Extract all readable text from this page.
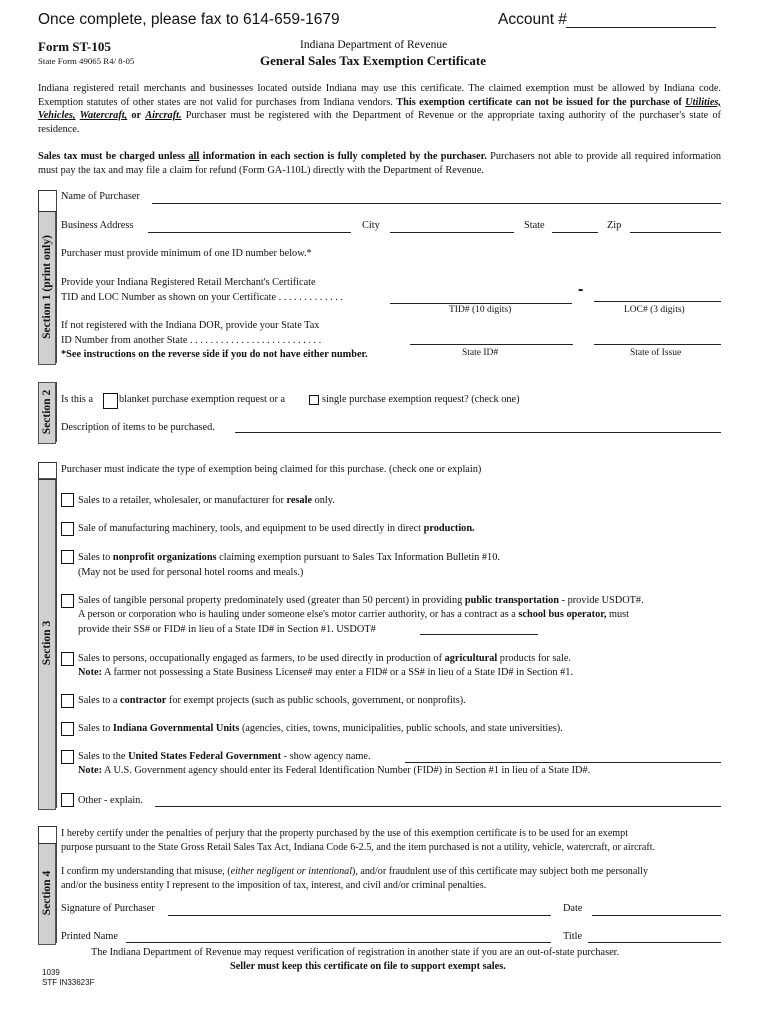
Once complete, please fax to 614-659-1679	Account #
Form ST-105
State Form 49065 R4/ 8-05
Indiana Department of Revenue
General Sales Tax Exemption Certificate
Indiana registered retail merchants and businesses located outside Indiana may use this certificate. The claimed exemption must be allowed by Indiana code. Exemption statutes of other states are not valid for purchases from Indiana vendors. This exemption certificate can not be issued for the purchase of Utilities, Vehicles, Watercraft, or Aircraft. Purchaser must be registered with the Department of Revenue or the appropriate taxing authority of the purchaser's state of residence.
Sales tax must be charged unless all information in each section is fully completed by the purchaser. Purchasers not able to provide all required information must pay the tax and may file a claim for refund (Form GA-110L) directly with the Department of Revenue.
Section 1 (print only)
Name of Purchaser
Business Address	City	State	Zip
Purchaser must provide minimum of one ID number below.*
Provide your Indiana Registered Retail Merchant's Certificate
TID and LOC Number as shown on your Certificate . . . . . . . . . . . . .	-
TID# (10 digits)	LOC# (3 digits)
If not registered with the Indiana DOR, provide your State Tax
ID Number from another State . . . . . . . . . . . . . . . . . . . . . . . . . .
*See instructions on the reverse side if you do not have either number.	State ID#	State of Issue
Section 2 Is this a	blanket purchase exemption request or a	single purchase exemption request? (check one)
Description of items to be purchased.
Section 3
Purchaser must indicate the type of exemption being claimed for this purchase. (check one or explain)
Sales to a retailer, wholesaler, or manufacturer for resale only.
Sale of manufacturing machinery, tools, and equipment to be used directly in direct production.
Sales to nonprofit organizations claiming exemption pursuant to Sales Tax Information Bulletin #10.
(May not be used for personal hotel rooms and meals.)
Sales of tangible personal property predominately used (greater than 50 percent) in providing public transportation - provide USDOT#.
A person or corporation who is hauling under someone else's motor carrier authority, or has a contract as a school bus operator, must
provide their SS# or FID# in lieu of a State ID# in Section #1. USDOT#
Sales to persons, occupationally engaged as farmers, to be used directly in production of agricultural products for sale.
Note: A farmer not possessing a State Business License# may enter a FID# or a SS# in lieu of a State ID# in Section #1.
Sales to a contractor for exempt projects (such as public schools, government, or nonprofits).
Sales to Indiana Governmental Units (agencies, cities, towns, municipalities, public schools, and state universities).
Sales to the United States Federal Government - show agency name.
Note: A U.S. Government agency should enter its Federal Identification Number (FID#) in Section #1 in lieu of a State ID#.
Other - explain.
Section 4
I hereby certify under the penalties of perjury that the property purchased by the use of this exemption certificate is to be used for an exempt
purpose pursuant to the State Gross Retail Sales Tax Act, Indiana Code 6-2.5, and the item purchased is not a utility, vehicle, watercraft, or aircraft.
I confirm my understanding that misuse, (either negligent or intentional), and/or fraudulent use of this certificate may subject both me personally
and/or the business entity I represent to the imposition of tax, interest, and civil and/or criminal penalties.
Signature of Purchaser	Date
Printed Name	Title
The Indiana Department of Revenue may request verification of registration in another state if you are an out-of-state purchaser.
Seller must keep this certificate on file to support exempt sales.
1039
STF IN33623F
